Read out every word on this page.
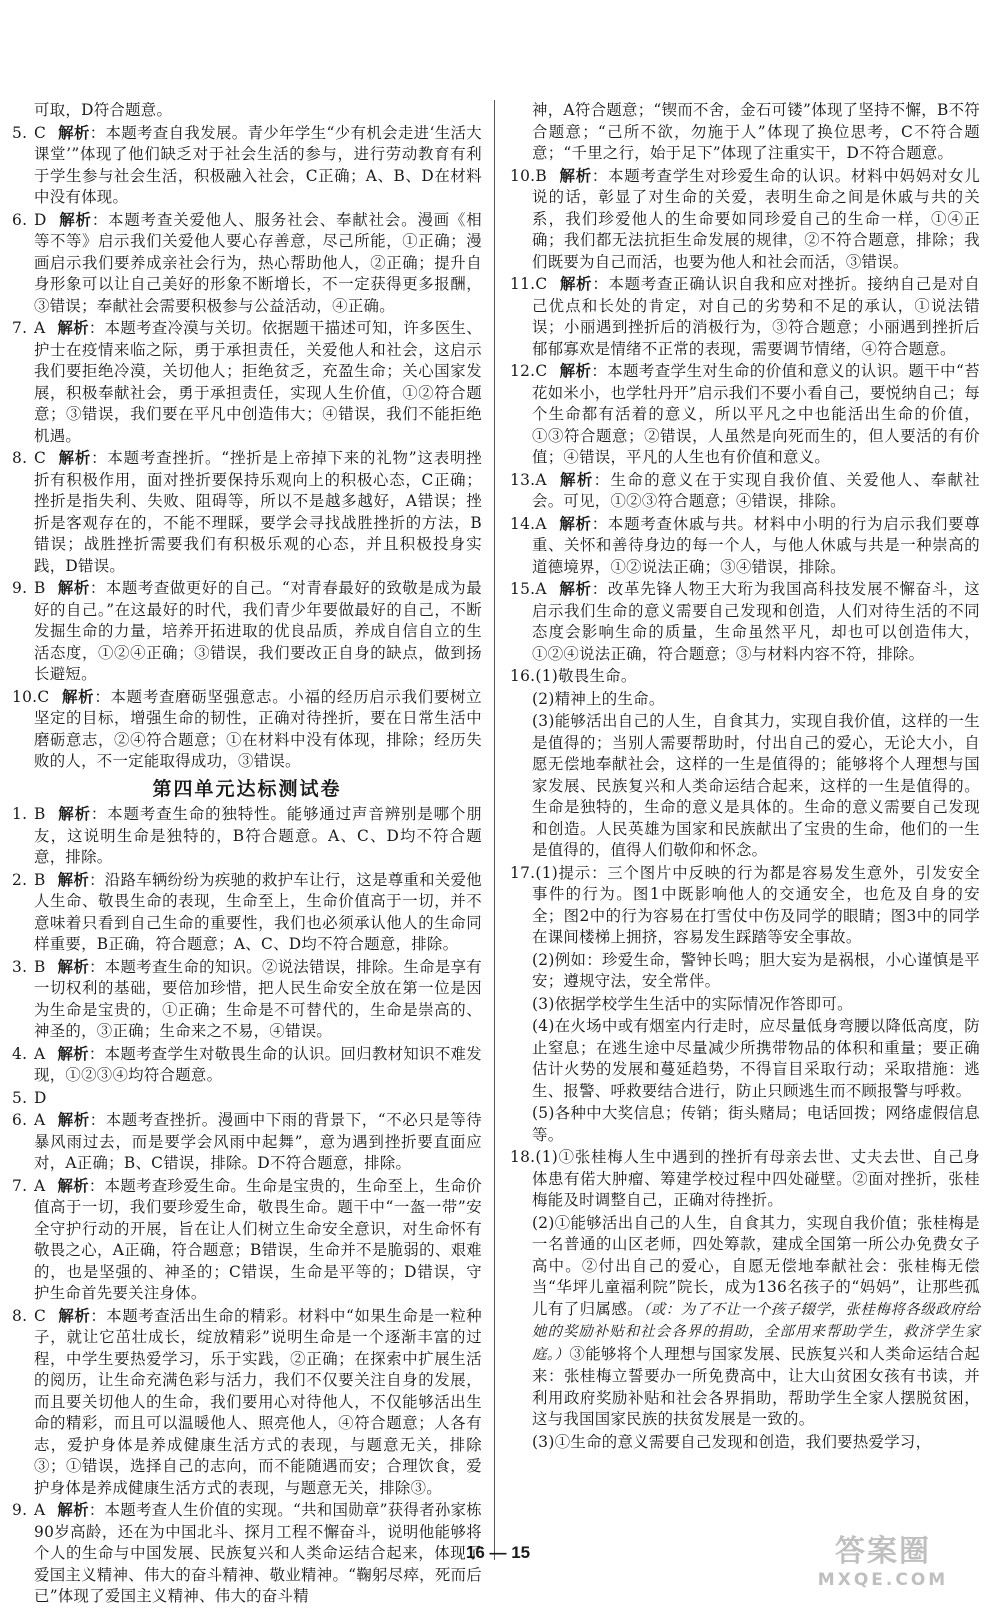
可取，D符合题意。
5. C 解析：本题考查自我发展。青少年学生“少有机会走进‘生活大课堂’”体现了他们缺乏对于社会生活的参与，进行劳动教育有利于学生参与社会生活，积极融入社会，C正确；A、B、D在材料中没有体现。
6. D 解析：本题考查关爱他人、服务社会、奉献社会。漫画《相等不等》启示我们关爱他人要心存善意，尽己所能，①正确；漫画启示我们要养成亲社会行为，热心帮助他人，②正确；提升自身形象可以让自己美好的形象不断增长，不一定获得更多报酬，③错误；奉献社会需要积极参与公益活动，④正确。
7. A 解析：本题考查冷漠与关切。依据题干描述可知，许多医生、护士在疫情来临之际，勇于承担责任，关爱他人和社会，这启示我们要拒绝冷漠，关切他人；拒绝贫乏，充盈生命；关心国家发展，积极奉献社会，勇于承担责任，实现人生价值，①②符合题意；③错误，我们要在平凡中创造伟大；④错误，我们不能拒绝机遇。
8. C 解析：本题考查挫折。“挫折是上帝掉下来的礼物”这表明挫折有积极作用，面对挫折要保持乐观向上的积极心态，C正确；挫折是指失利、失败、阻碍等，所以不是越多越好，A错误；挫折是客观存在的，不能不理睬，要学会寻找战胜挫折的方法，B错误；战胜挫折需要我们有积极乐观的心态，并且积极投身实践，D错误。
9. B 解析：本题考查做更好的自己。“对青春最好的致敬是成为最好的自己。”在这最好的时代，我们青少年要做最好的自己，不断发掘生命的力量，培养开拓进取的优良品质，养成自信自立的生活态度，①②④正确；③错误，我们要改正自身的缺点，做到扬长避短。
10.C 解析：本题考查磨砺坚强意志。小福的经历启示我们要树立坚定的目标，增强生命的韧性，正确对待挫折，要在日常生活中磨砺意志，②④符合题意；①在材料中没有体现，排除；经历失败的人，不一定能取得成功，③错误。
第四单元达标测试卷
1. B 解析：本题考查生命的独特性。能够通过声音辨别是哪个朋友，这说明生命是独特的，B符合题意。A、C、D均不符合题意，排除。
2. B 解析：沿路车辆纷纷为疾驰的救护车让行，这是尊重和关爱他人生命、敬畏生命的表现，生命至上，生命价值高于一切，并不意味着只看到自己生命的重要性，我们也必须承认他人的生命同样重要，B正确，符合题意；A、C、D均不符合题意，排除。
3. B 解析：本题考查生命的知识。②说法错误，排除。生命是享有一切权利的基础，要倍加珍惜，把人民生命安全放在第一位是因为生命是宝贵的，①正确；生命是不可替代的，生命是崇高的、神圣的，③正确；生命来之不易，④错误。
4. A 解析：本题考查学生对敬畏生命的认识。回归教材知识不难发现，①②③④均符合题意。
5. D
6. A 解析：本题考查挫折。漫画中下雨的背景下，“不必只是等待暴风雨过去，而是要学会风雨中起舞”，意为遇到挫折要直面应对，A正确；B、C错误，排除。D不符合题意，排除。
7. A 解析：本题考查珍爱生命。生命是宝贵的，生命至上，生命价值高于一切，我们要珍爱生命，敬畏生命。题干中“一盔一带”安全守护行动的开展，旨在让人们树立生命安全意识，对生命怀有敬畏之心，A正确，符合题意；B错误，生命并不是脆弱的、艰难的，也是坚强的、神圣的；C错误，生命是平等的；D错误，守护生命首先要关注身体。
8. C 解析：本题考查活出生命的精彩。材料中“如果生命是一粒种子，就让它茁壮成长，绽放精彩”说明生命是一个逐渐丰富的过程，中学生要热爱学习，乐于实践，②正确；在探索中扩展生活的阅历，让生命充满色彩与活力，我们不仅要关注自身的发展，而且要关切他人的生命，我们要用心对待他人，不仅能够活出生命的精彩，而且可以温暖他人、照亮他人，④符合题意；人各有志，爱护身体是养成健康生活方式的表现，与题意无关，排除③；①错误，选择自己的志向，而不能随遇而安；合理饮食，爱护身体是养成健康生活方式的表现，与题意无关，排除③。
9. A 解析：本题考查人生价值的实现。“共和国勋章”获得者孙家栋90岁高龄，还在为中国北斗、探月工程不懈奋斗，说明他能够将个人的生命与中国发展、民族复兴和人类命运结合起来，体现了爱国主义精神、伟大的奋斗精神、敬业精神。“鞠躬尽瘁，死而后已”体现了爱国主义精神、伟大的奋斗精
神，A符合题意；“锲而不舍，金石可镂”体现了坚持不懈，B不符合题意；“己所不欲，勿施于人”体现了换位思考，C不符合题意；“千里之行，始于足下”体现了注重实干，D不符合题意。
10.B 解析：本题考查学生对珍爱生命的认识。材料中妈妈对女儿说的话，彰显了对生命的关爱，表明生命之间是休戚与共的关系，我们珍爱他人的生命要如同珍爱自己的生命一样，①④正确；我们都无法抗拒生命发展的规律，②不符合题意，排除；我们既要为自己而活，也要为他人和社会而活，③错误。
11.C 解析：本题考查正确认识自我和应对挫折。接纳自己是对自己优点和长处的肯定，对自己的劣势和不足的承认，①说法错误；小丽遇到挫折后的消极行为，③符合题意；小丽遇到挫折后郁郁寡欢是情绪不正常的表现，需要调节情绪，④符合题意。
12.C 解析：本题考查学生对生命的价值和意义的认识。题干中“苔花如米小，也学牡丹开”启示我们不要小看自己，要悦纳自己；每个生命都有活着的意义，所以平凡之中也能活出生命的价值，①③符合题意；②错误，人虽然是向死而生的，但人要活的有价值；④错误，平凡的人生也有价值和意义。
13.A 解析：生命的意义在于实现自我价值、关爱他人、奉献社会。可见，①②③符合题意；④错误，排除。
14.A 解析：本题考查休戚与共。材料中小明的行为启示我们要尊重、关怀和善待身边的每一个人，与他人休戚与共是一种崇高的道德境界，①②说法正确；③④错误，排除。
15.A 解析：改革先锋人物王大珩为我国高科技发展不懈奋斗，这启示我们生命的意义需要自己发现和创造，人们对待生活的不同态度会影响生命的质量，生命虽然平凡，却也可以创造伟大，①②④说法正确，符合题意；③与材料内容不符，排除。
16.(1)敬畏生命。
(2)精神上的生命。
(3)能够活出自己的人生，自食其力，实现自我价值，这样的一生是值得的；当别人需要帮助时，付出自己的爱心，无论大小，自愿无偿地奉献社会，这样的一生是值得的；能够将个人理想与国家发展、民族复兴和人类命运结合起来，这样的一生是值得的。生命是独特的，生命的意义是具体的。生命的意义需要自己发现和创造。人民英雄为国家和民族献出了宝贵的生命，他们的一生是值得的，值得人们敬仰和怀念。
17.(1)提示：三个图片中反映的行为都是容易发生意外，引发安全事件的行为。图1中既影响他人的交通安全，也危及自身的安全；图2中的行为容易在打雪仗中伤及同学的眼睛；图3中的同学在课间楼梯上拥挤，容易发生踩踏等安全事故。
(2)例如：珍爱生命，警钟长鸣；胆大妄为是祸根，小心谨慎是平安；遵规守法，安全常伴。
(3)依据学校学生生活中的实际情况作答即可。
(4)在火场中或有烟室内行走时，应尽量低身弯腰以降低高度，防止窒息；在逃生途中尽量减少所携带物品的体积和重量；要正确估计火势的发展和蔓延趋势，不得盲目采取行动；采取措施：逃生、报警、呼救要结合进行，防止只顾逃生而不顾报警与呼救。
(5)各种中大奖信息；传销；街头赌局；电话回拨；网络虚假信息等。
18.(1)①张桂梅人生中遇到的挫折有母亲去世、丈夫去世、自己身体患有偌大肿瘤、筹建学校过程中四处碰壁。②面对挫折，张桂梅能及时调整自己，正确对待挫折。
(2)①能够活出自己的人生，自食其力，实现自我价值；张桂梅是一名普通的山区老师，四处筹款，建成全国第一所公办免费女子高中。②付出自己的爱心，自愿无偿地奉献社会：张桂梅无偿当“华坪儿童福利院”院长，成为136名孩子的“妈妈”，让那些孤儿有了归属感。（或：为了不让一个孩子辍学，张桂梅将各级政府给她的奖励补贴和社会各界的捐助，全部用来帮助学生，救济学生家庭。）③能够将个人理想与国家发展、民族复兴和人类命运结合起来：张桂梅立誓要办一所免费高中，让大山贫困女孩有书读，并利用政府奖励补贴和社会各界捐助，帮助学生全家人摆脱贫困，这与我国国家民族的扶贫发展是一致的。
(3)①生命的意义需要自己发现和创造，我们要热爱学习，
16 — 15	答案圈
MXQE.COM
